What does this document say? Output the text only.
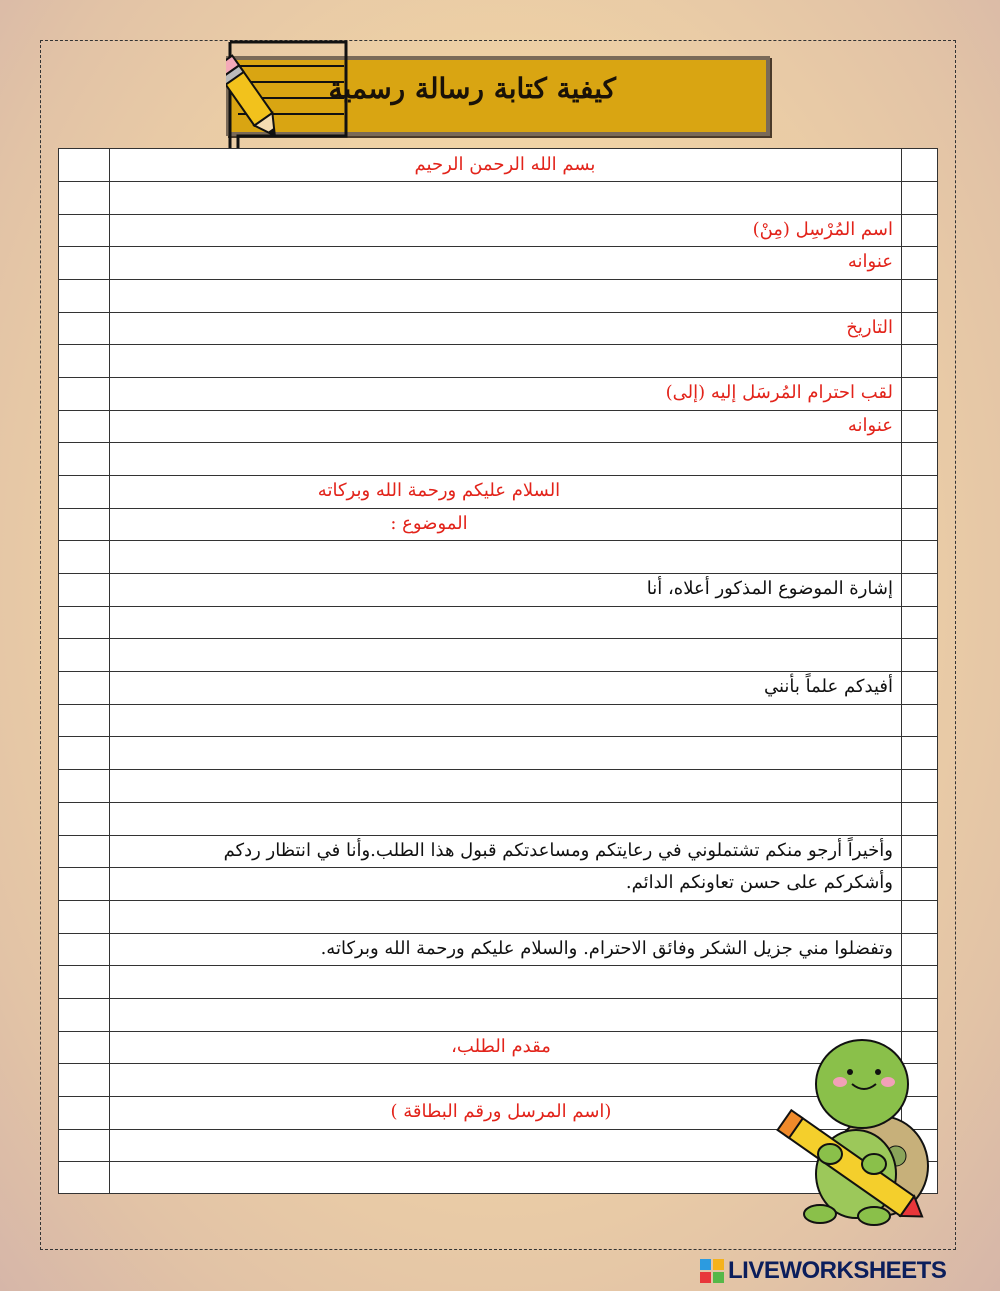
كيفية كتابة رسالة رسمية
بسم الله الرحمن الرحيم
اسم المُرْسِل (مِنْ)
عنوانه
التاريخ
لقب احترام المُرسَل إليه (إلى)
عنوانه
السلام عليكم ورحمة الله وبركاته
الموضوع :
إشارة الموضوع المذكور أعلاه، أنا
أفيدكم علماً بأنني
وأخيراً أرجو منكم تشتملوني في رعايتكم ومساعدتكم قبول هذا الطلب.وأنا في انتظار ردكم
وأشكركم على حسن تعاونكم الدائم.
وتفضلوا مني جزيل الشكر وفائق الاحترام. والسلام عليكم ورحمة الله وبركاته.
مقدم الطلب،
(اسم المرسل ورقم البطاقة )
LIVEWORKSHEETS
